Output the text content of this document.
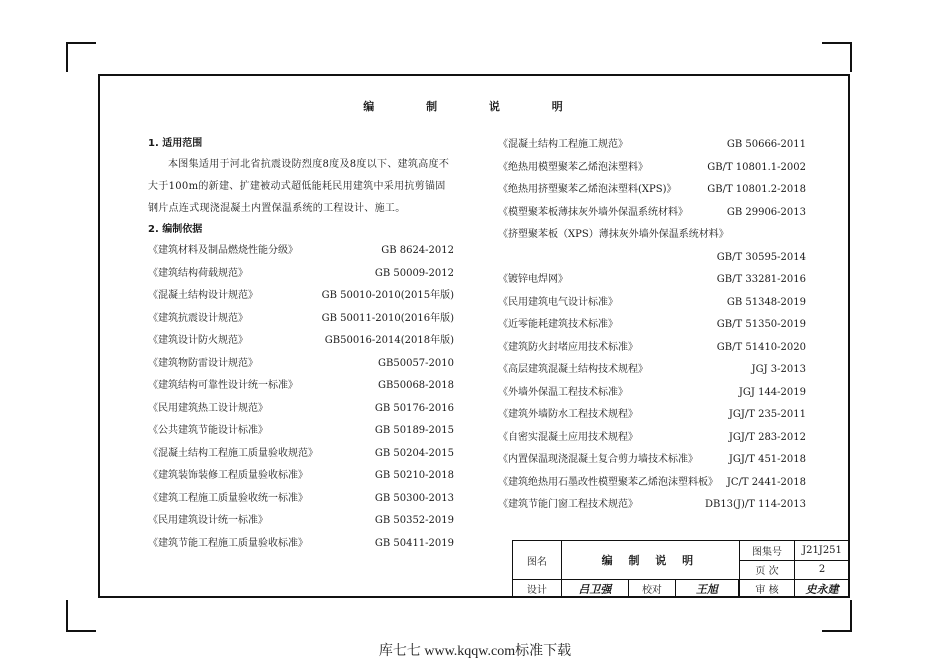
编 制 说 明
1. 适用范围
本图集适用于河北省抗震设防烈度8度及8度以下、建筑高度不大于100m的新建、扩建被动式超低能耗民用建筑中采用抗剪锚固钢片点连式现浇混凝土内置保温系统的工程设计、施工。
2. 编制依据
《建筑材料及制品燃烧性能分级》	GB 8624-2012
《建筑结构荷载规范》	GB 50009-2012
《混凝土结构设计规范》	GB 50010-2010(2015年版)
《建筑抗震设计规范》	GB 50011-2010(2016年版)
《建筑设计防火规范》	GB50016-2014(2018年版)
《建筑物防雷设计规范》	GB50057-2010
《建筑结构可靠性设计统一标准》	GB50068-2018
《民用建筑热工设计规范》	GB 50176-2016
《公共建筑节能设计标准》	GB 50189-2015
《混凝土结构工程施工质量验收规范》	GB 50204-2015
《建筑装饰装修工程质量验收标准》	GB 50210-2018
《建筑工程施工质量验收统一标准》	GB 50300-2013
《民用建筑设计统一标准》	GB 50352-2019
《建筑节能工程施工质量验收标准》	GB 50411-2019
《混凝土结构工程施工规范》	GB 50666-2011
《绝热用模塑聚苯乙烯泡沫塑料》	GB/T 10801.1-2002
《绝热用挤塑聚苯乙烯泡沫塑料(XPS)》	GB/T 10801.2-2018
《模塑聚苯板薄抹灰外墙外保温系统材料》	GB 29906-2013
《挤塑聚苯板（XPS）薄抹灰外墙外保温系统材料》
GB/T 30595-2014
《镀锌电焊网》	GB/T 33281-2016
《民用建筑电气设计标准》	GB 51348-2019
《近零能耗建筑技术标准》	GB/T 51350-2019
《建筑防火封堵应用技术标准》	GB/T 51410-2020
《高层建筑混凝土结构技术规程》	JGJ 3-2013
《外墙外保温工程技术标准》	JGJ 144-2019
《建筑外墙防水工程技术规程》	JGJ/T 235-2011
《自密实混凝土应用技术规程》	JGJ/T 283-2012
《内置保温现浇混凝土复合剪力墙技术标准》	JGJ/T 451-2018
《建筑绝热用石墨改性模塑聚苯乙烯泡沫塑料板》 JC/T 2441-2018
《建筑节能门窗工程技术规范》	DB13(J)/T 114-2013
图名	编 制 说 明			图集号	J21J251
				页 次	2
设计	吕卫强	校对	王旭		审 核	史永建
库七七 www.kqqw.com标准下载
